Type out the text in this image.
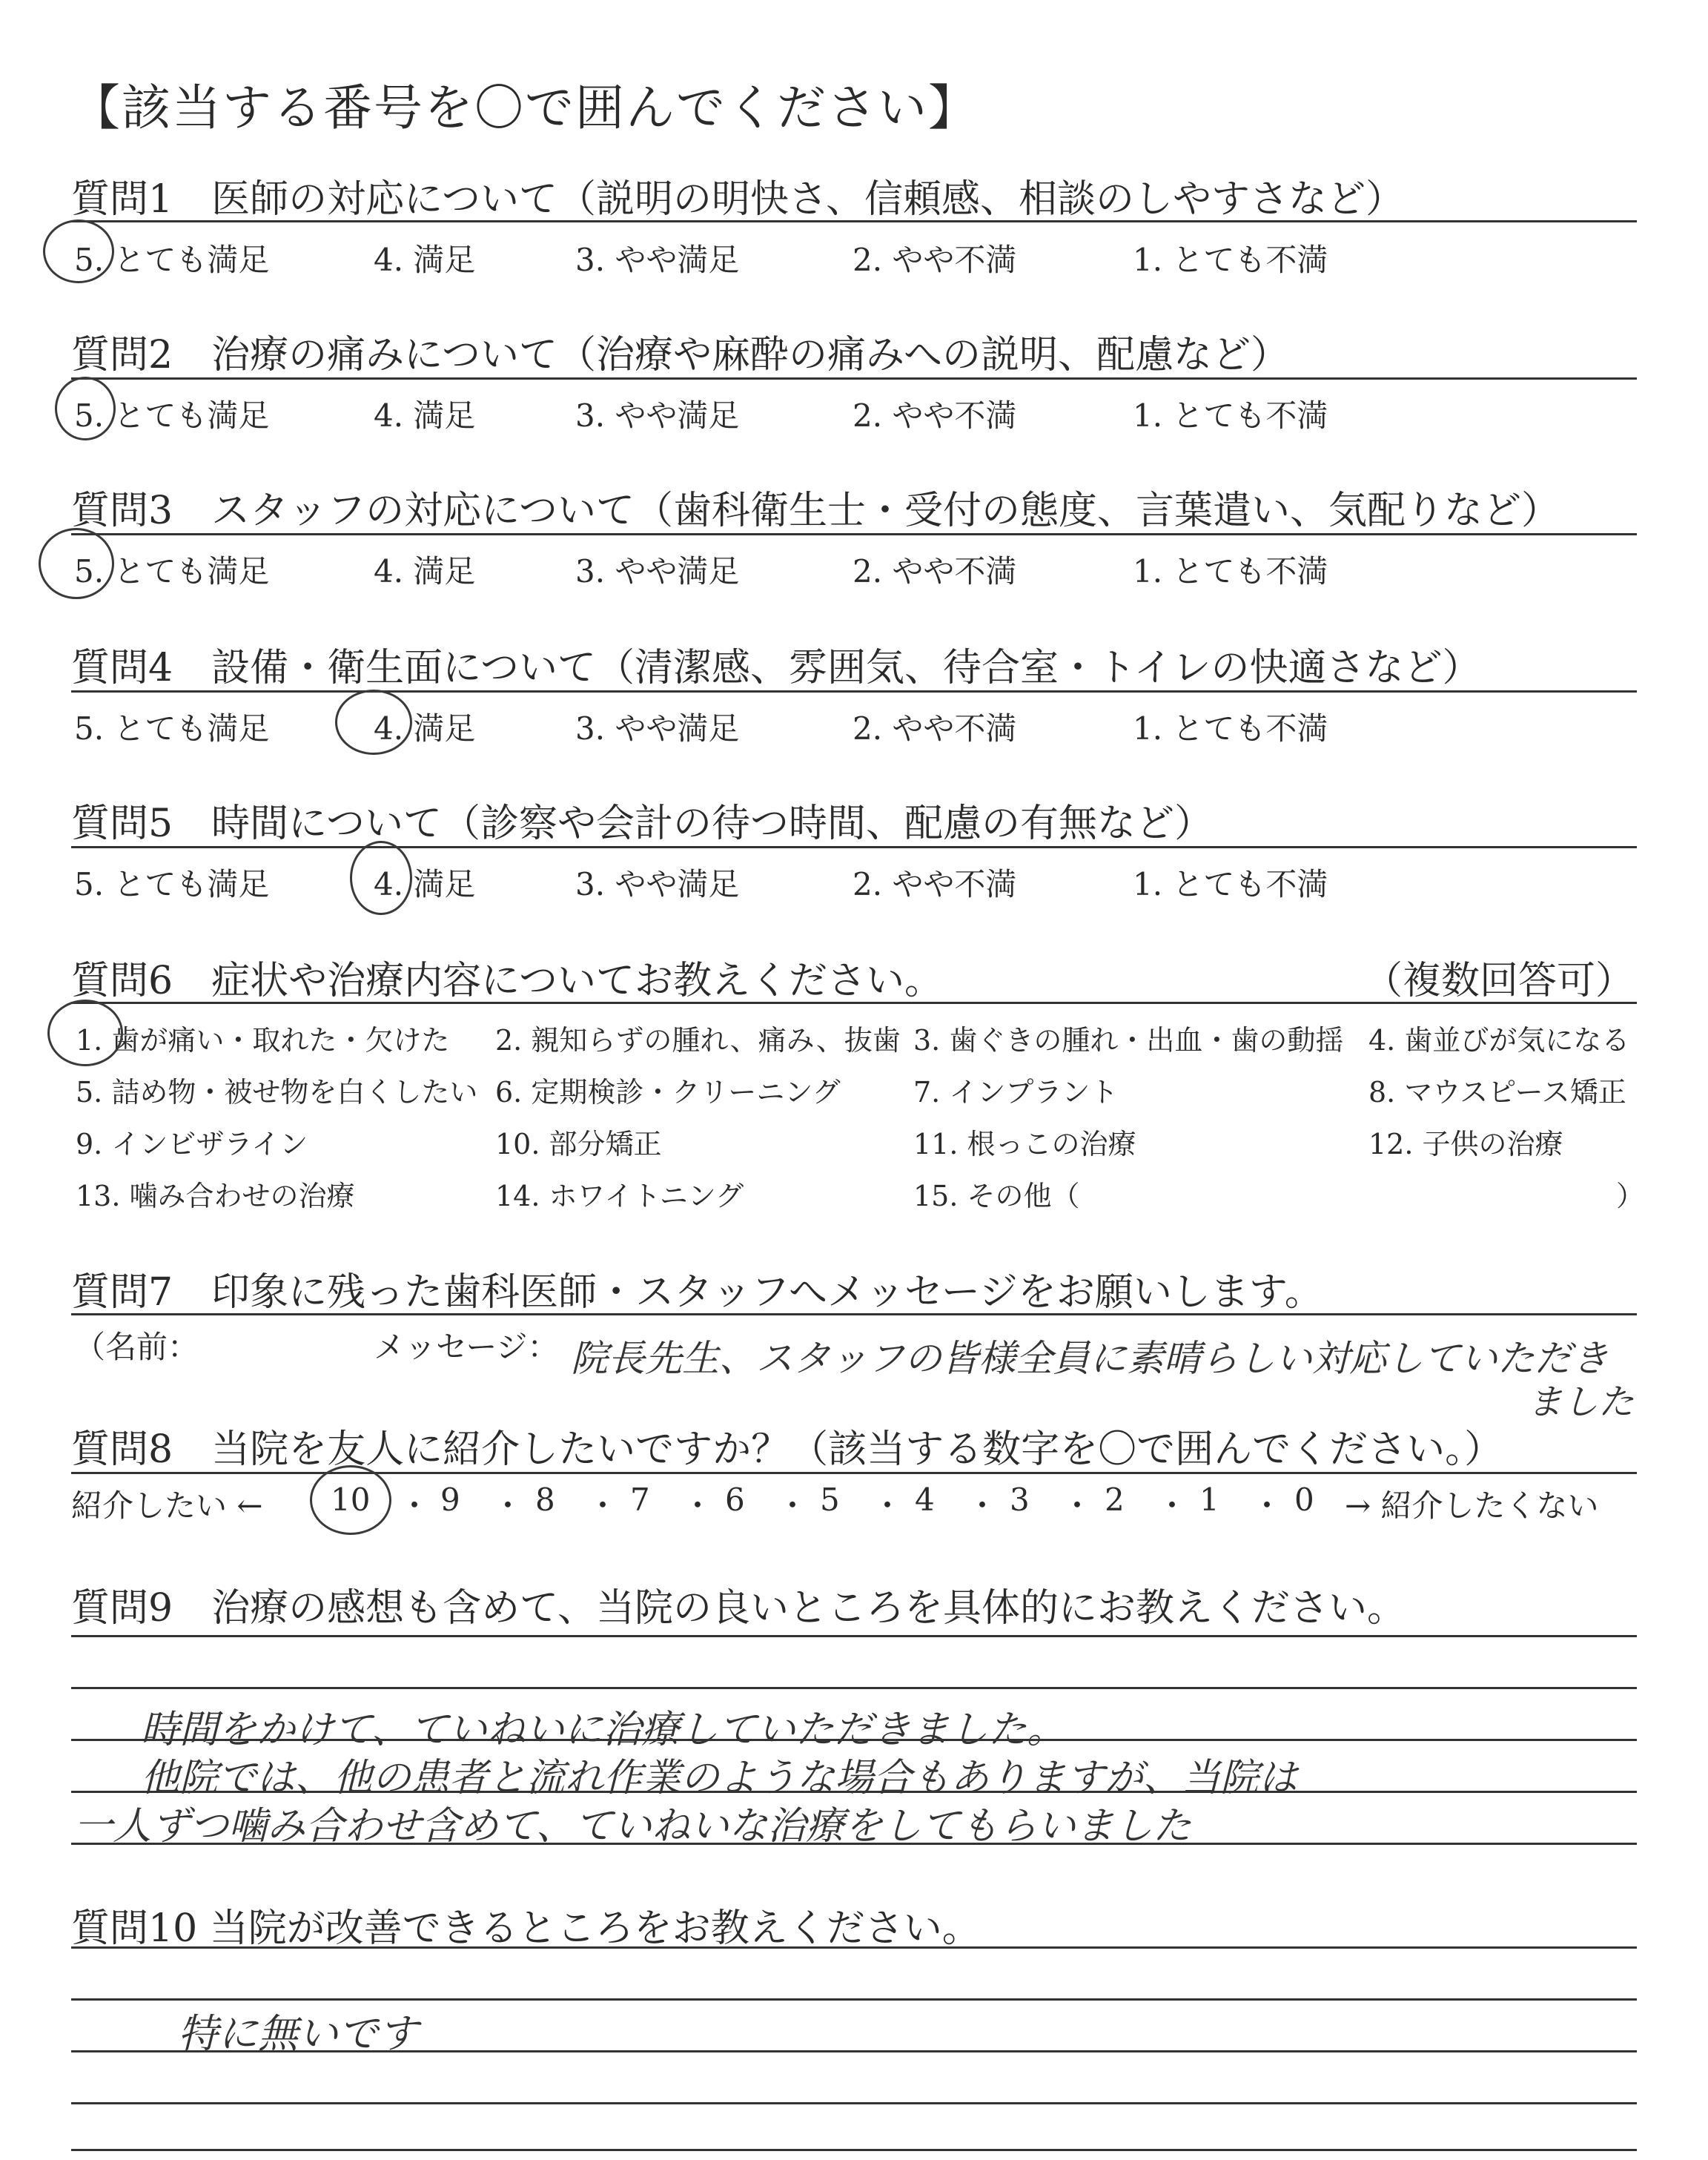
【該当する番号を〇で囲んでください】
質問1　医師の対応について（説明の明快さ、信頼感、相談のしやすさなど）
5. とても満足	4. 満足	3. やや満足	2. やや不満	1. とても不満
質問2　治療の痛みについて（治療や麻酔の痛みへの説明、配慮など）
5. とても満足	4. 満足	3. やや満足	2. やや不満	1. とても不満
質問3　スタッフの対応について（歯科衛生士・受付の態度、言葉遣い、気配りなど）
5. とても満足	4. 満足	3. やや満足	2. やや不満	1. とても不満
質問4　設備・衛生面について（清潔感、雰囲気、待合室・トイレの快適さなど）
5. とても満足	4. 満足	3. やや満足	2. やや不満	1. とても不満
質問5　時間について（診察や会計の待つ時間、配慮の有無など）
5. とても満足	4. 満足	3. やや満足	2. やや不満	1. とても不満
質問6　症状や治療内容についてお教えください。	（複数回答可）
1. 歯が痛い・取れた・欠けた 2. 親知らずの腫れ、痛み、抜歯 3. 歯ぐきの腫れ・出血・歯の動揺 4. 歯並びが気になる
5. 詰め物・被せ物を白くしたい 6. 定期検診・クリーニング	7. インプラント	8. マウスピース矯正
9. インビザライン	10. 部分矯正	11. 根っこの治療	12. 子供の治療
13. 噛み合わせの治療	14. ホワイトニング	15. その他（	）
質問7　印象に残った歯科医師・スタッフへメッセージをお願いします。
（名前：	メッセージ： 院長先生、スタッフの皆様全員に素晴らしい対応していただき
ました
質問8　当院を友人に紹介したいですか？（該当する数字を〇で囲んでください。）
紹介したい ← 10 ・ 9 ・ 8 ・ 7 ・ 6 ・ 5 ・ 4 ・ 3 ・ 2 ・ 1 ・ 0 → 紹介したくない
質問9　治療の感想も含めて、当院の良いところを具体的にお教えください。
時間をかけて、ていねいに治療していただきました。
他院では、他の患者と流れ作業のような場合もありますが、当院は
一人ずつ噛み合わせ含めて、ていねいな治療をしてもらいました
質問10 当院が改善できるところをお教えください。
特に無いです
